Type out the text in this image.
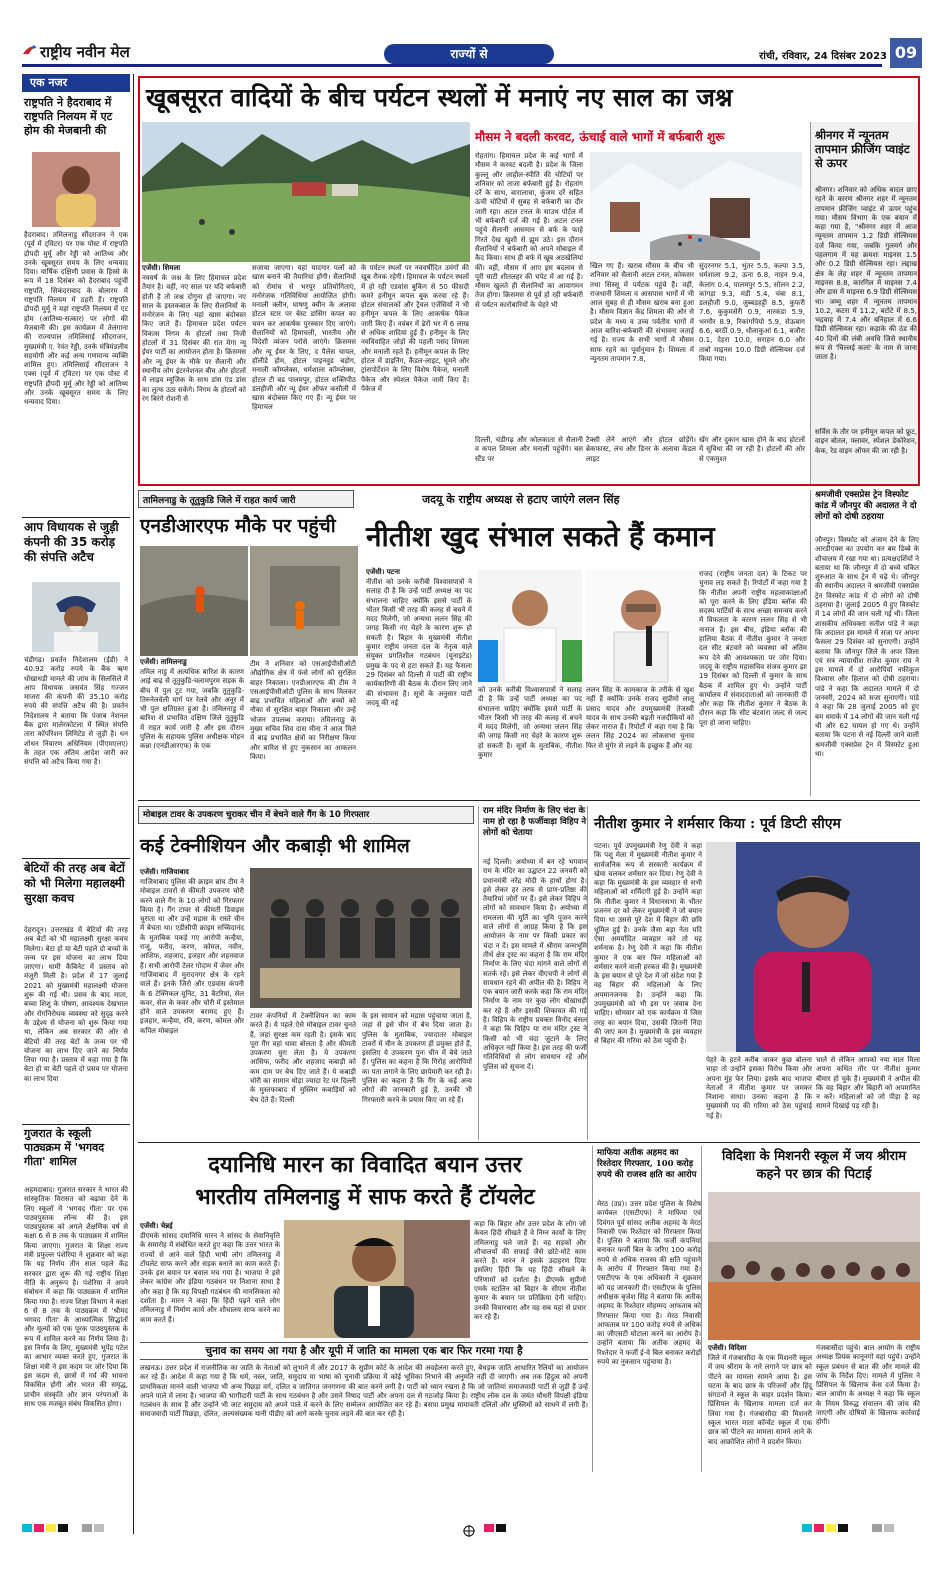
राष्ट्रीय नवीन मेल	राज्यों से	रांची, रविवार, 24 दिसंबर 2023 09
एक नजर
राष्ट्रपति ने हैदराबाद में राष्ट्रपति निलयम में एट होम की मेजबानी की
हैदराबाद। तमिलनाडु सौंदराजन ने एक (पूर्व में ट्विटर) पर एक पोस्ट में राष्ट्रपति द्रौपदी मुर्मू और रेड्डी को आतिथ्य और उनके खूबसूरत समय के लिए धन्यवाद दिया। वार्षिक दक्षिणी प्रवास के हिस्से के रूप में 18 दिसंबर को हैदराबाद पहुंचीं राष्ट्रपति, सिकंदराबाद के बोलारम में राष्ट्रपति निलयम में ठहरी हैं। राष्ट्रपति द्रौपदी मुर्मू ने यहां राष्ट्रपति निलयम में एट होम (आतिथ्य-सत्कार) पर लोगों की मेजबानी की। इस कार्यक्रम में तेलंगाना की राज्यपाल तमिलिसाई सौंदराजन, मुख्यमंत्री ए. रेवंत रेड्डी, उनके मंत्रिमंडलीय सहयोगी और कई अन्य गणमान्य व्यक्ति शामिल हुए। तमिलिसाई सौंदराजन ने एक्स (पूर्व में ट्विटर) पर एक पोस्ट में राष्ट्रपति द्रौपदी मुर्मू और रेड्डी को आतिथ्य और उनके खूबसूरत समय के लिए धन्यवाद दिया।
आप विधायक से जुड़ी कंपनी की 35 करोड़ की संपत्ति अटैच
चंडीगढ़। प्रवर्तन निदेशालय (ईडी) ने 40.92 करोड़ रुपये के बैंक ऋण धोखाधड़ी मामले की जांच के सिलसिले में आप विधायक जसवंत सिंह गज्जन माजरा की कंपनी की 35.10 करोड़ रुपये की संपत्ति अटैच की है। प्रवर्तन निदेशालय ने बताया कि पंजाब नेशनल बैंक द्वारा मालेरकोटला में स्थित संपत्ति तारा कॉर्पोरेशन लिमिटेड से जुड़ी है। धन शोधन निवारण अधिनियम (पीएमएलए) के तहत एक अंतिम आदेश जारी कर संपत्ति को अटैच किया गया है।
बेटियों की तरह अब बेटों को भी मिलेगा महालक्ष्मी सुरक्षा कवच
देहरादून। उत्तराखंड में बेटियों की तरह अब बेटों को भी महालक्ष्मी सुरक्षा कवच मिलेगा। बेटा हो या बेटी पहले दो बच्चों के जन्म पर इस योजना का लाभ दिया जाएगा। धामी कैबिनेट में प्रस्ताव को मंजूरी मिली है। प्रदेश में 17 जुलाई 2021 को मुख्यमंत्री महालक्ष्मी योजना शुरू की गई थी। प्रसव के बाद माता, बच्चा शिशु के पोषण, आवश्यक देखभाल और रोगनिरोधक व्यवस्था को सुदृढ़ करने के उद्देश्य से योजना को शुरू किया गया था, लेकिन अब सरकार की ओर से बेटियों की तरह बेटों के जन्म पर भी योजना का लाभ दिए जाने का निर्णय लिया गया है। प्रस्ताव में कहा गया है कि बेटा हो या बेटी पहले दो प्रसव पर योजना का लाभ दिया
गुजरात के स्कूली पाठ्यक्रम में 'भगवद गीता' शामिल
अहमदाबाद। गुजरात सरकार ने भारत की सांस्कृतिक विरासत को बढ़ावा देने के लिए स्कूलों में 'भगवद गीता' पर एक पाठ्यपुस्तक लॉन्च की है। इस पाठ्यपुस्तक को अगले शैक्षणिक वर्ष से कक्षा 6 से 8 तक के पाठ्यक्रम में शामिल किया जाएगा। गुजरात के शिक्षा राज्य मंत्री प्रफुल्ल पंशेरिया ने शुक्रवार को कहा कि यह निर्णय तीन साल पहले केंद्र सरकार द्वारा शुरू की गई राष्ट्रीय शिक्षा नीति के अनुरूप है। पंशेरिया ने अपने संबोधन में कहा कि पाठ्यक्रम में शामिल किया गया है। राज्य शिक्षा विभाग ने कक्षा 6 से 8 तक के पाठ्यक्रम में 'श्रीमद भगवद गीता' के आध्यात्मिक सिद्धांतों और मूल्यों को एक पूरक पाठ्यपुस्तक के रूप में शामिल करने का निर्णय लिया है। इस निर्णय के लिए, मुख्यमंत्री भूपेंद्र पटेल का आभार व्यक्त करते हुए, गुजरात के शिक्षा मंत्री ने इस कदम पर जोर दिया कि इस कदम से, छात्रों में गर्व की भावना विकसित होगी और भारत की समृद्ध, प्राचीन संस्कृति और ज्ञान परंपराओं के साथ एक मजबूत संबंध विकसित होगा।
खूबसूरत वादियों के बीच पर्यटन स्थलों में मनाएं नए साल का जश्न
एजेंसी। शिमला
नववर्ष के जश्न के लिए हिमाचल प्रदेश तैयार है। वहीं, नए साल पर यदि बर्फबारी होती है तो जश्न दोगुना हो जाएगा। नए साल के इस्तकबाल के लिए सैलानियों के मनोरंजन के लिए यहां खास बंदोबस्त किए जाते हैं। हिमाचल प्रदेश पर्यटन विकास निगम के होटलों तथा निजी होटलों में 31 दिसंबर की रात मेगा न्यू ईयर पार्टी का आयोजन होता है। क्रिसमस और न्यू ईयर के मौके पर सैलानी और स्थानीय लोग इंटरनेशनल बीच और होटलों में लाइव म्यूजिक के साथ डांस एंड डांस का लुत्फ उठा सकेंगे। निगम के होटलों को रंग बिरंगे रोशनी से
सजाया जाएगा। वहां यादगार पलों को खास बनाने की तैयारियां होंगी। सैलानियों को रोमांच से भरपूर प्रतियोगिताएं, मनोरंजक गतिविधियां आयोजित होंगी। मनाली क्लीन, घाषणु क्वीन के अलावा होटल स्टार पर बेस्ट डांसिंग कपल का चयन कर आकर्षक पुरस्कार दिए जाएंगे। सैलानियों को हिमाचली, भारतीय और विदेशी व्यंजन परोसे जाएंगे। क्रिसमस और न्यू ईयर के लिए, द पैलेस चायल, हॉलीडे होम, होटल पाइनवुड बड़ोग, मनाली कॉम्प्लेक्स, धर्मशाला कॉम्प्लेक्स, होटल टी बड पालमपुर, होटल शक्तिपीठ डलहौजी और न्यू ईयर ऑफर कसौली में खास बंदोबस्त किए गए हैं। न्यू ईयर पर हिमाचल
के पर्यटन स्थलों पर नववर्षीदित उमंगों की खूब रौनक रहेगी। हिमाचल के पर्यटन स्थलों में हो रही एडवांस बुकिंग से 50 फीसदी कमरे हनीमून कपल बुक करवा रहे हैं। होटल संचालकों और ट्रैवल एजेंसियों ने भी हनीमून कपल के लिए आकर्षक पैकेज जारी किए हैं। नवंबर में ढेरों भर में 6 लाख से अधिक शादियां हुई हैं। हनीमून के लिए नवविवाहित जोड़ों की पहली पसंद शिमला और मनाली रहते हैं। हनीमून कपल के लिए होटल में डाइनिंग, कैंडल-लाइट, घूमने और ट्रांसपोर्टेशन के लिए विशेष पैकेज, मनाली पैकेज और स्पेशल पैकेज जारी किए हैं। पैकेज में
मौसम ने बदली करवट, ऊंचाई वाले भागों में बर्फबारी शुरू
रोहतांग। हिमाचल प्रदेश के कई भागों में मौसम ने करवट बदली है। प्रदेश के जिला कुल्लू और लाहौल-स्पीति की चोटियों पर शनिवार को ताजा बर्फबारी हुई है। रोहतांग दर्रे के साथ, बारालाचा, कुंजम दर्रे सहित ऊंची चोटियों में सुबह से बर्फबारी का दौर जारी रहा। अटल टनल के साउथ पोर्टल में भी बर्फबारी दर्ज की गई है। अटल टनल पहुंचे सैलानी आसमान से बर्फ के फाहे गिरते देख खुशी से झूम उठे। इस दौरान सैलानियों ने बर्फबारी को अपने मोबाइल में कैद किया। साथ ही बर्फ में खूब अठखेलियां कीं। वहीं, मौसम में आए इस बदलाव से पूरी घाटी शीतलहर की चपेट में आ गई है। मौसम खुलते ही सैलानियों का आवागमन तेज होगा। क्रिसमस से पूर्व हो रही बर्फबारी से पर्यटन कारोबारियों के चेहरे भी
टैक्सी लेने आएंगे और होटल छोड़ेंगे। ब्रेकफास्ट, लंच और डिनर के अलावा केंडल लाइट
दिल्ली, चंडीगढ़ और कोलकाता से सैलानी व कपल शिमला और मनाली पहुंचेंगे। बस स्टैंड पर
खिल गए हैं। खराब मौसम के बीच भी शनिवार को सैलानी अटल टनल, कोकसर तथा सिस्सू में पर्यटक पहुंचे हैं। वहीं, राजधानी शिमला व आसपास भागों में भी आज सुबह से ही मौसम खराब बना हुआ है। मौसम विज्ञान केंद्र शिमला की ओर से प्रदेश के मध्य व उच्च पर्वतीय भागों में आज बारिश-बर्फबारी की संभावना जताई गई है। राज्य के सभी भागों में मौसम साफ रहने का पूर्वानुमान है। शिमला में न्यूनतम तापमान 7.8,
सुंदरनगर 5.1, भुंतर 5.5, कल्पा 3.5, धर्मशाला 9.2, ऊना 6.8, नाहन 9.4, केलांग 0.4, पालमपुर 5.5, सोलन 2.2, कांगड़ा 9.3, मंडी 5.4, चंबा 8.1, डलहौजी 9.0, जुब्बड़हट्टी 8.5, कुफरी 7.6, कुकुमसेरी 0.9, नारकंडा 5.9, भरमौर 8.9, रिकांगपियो 5.9, सेऊबाग 6.6, बरठीं 0.9, धौलाकुआं 6.1, बजौरा 0.1, देहरा 10.0, सराहन 6.0 और ताबो माइनस 10.0 डिग्री सेल्सियस दर्ज किया गया।
खेंग और दुकान खास होने के बाद होटलों में सुविधा की जा रही है। होटलों की ओर से एकमुश्त
श्रीनगर में न्यूनतम तापमान फ्रीजिंग प्वाइंट से ऊपर
श्रीनगर। शनिवार को अधिक बादल छाए रहने के कारण श्रीनगर शहर में न्यूनतम तापमान फ्रीजिंग प्वाइंट से ऊपर पहुंच गया। मौसम विभाग के एक बयान में कहा गया है, "श्रीनगर शहर में आज न्यूनतम तापमान 1.2 डिग्री सेल्सियस दर्ज किया गया, जबकि गुलमर्ग और पहलगाम में यह क्रमशः माइनस 1.5 और 0.2 डिग्री सेल्सियस रहा। लद्दाख क्षेत्र के लेह शहर में न्यूनतम तापमान माइनस 8.8, कारगिल में माइनस 7.4 और द्रास में माइनस 6.9 डिग्री सेल्सियस था। जम्मू शहर में न्यूनतम तापमान 10.2, कटरा में 11.2, बटोटे में 8.5, भद्रवाह में 7.4 और बनिहाल में 6.6 डिग्री सेल्सियस रहा। कड़ाके की ठंड की 40 दिनों की लंबी अवधि जिसे स्थानीय रूप से 'चिल्लई कलां' के नाम से जाना जाता है।
सर्विस के तौर पर हनीमून कपल को फ्रूट, वाइन बोतल, फ्लावर, स्पेशल डेकोरेशन, केक, रेड वाइन ऑफर की जा रही है।
तामिलनाडु के तूतुकुडि जिले में राहत कार्य जारी
एनडीआरएफ मौके पर पहुंची
एजेंसी। तामिलनाडु
तमिल नाडु में अत्यधिक बारिश के कारण आई बाढ़ से तूतुकुडि-चलामपुरम सड़क के बीच में पुल टूट गया, जबकि तूतुकुडि-तिरुनेलवेली मार्ग पर रेलवे और अनूर में भी पुल क्षतिग्रस्त हुआ है। तमिलनाडु में बारिश से प्रभावित दक्षिण जिले तूतुकुडि में राहत कार्य जारी है और इस दौरान पुलिस के सहायक पुलिस अधीक्षक मोहन कन्ना (एनडीआरएफ) के एक
टीम ने शनिवार को एसआईपीसीओटी औद्योगिक क्षेत्र में फंसे लोगों को सुरक्षित बाहर निकाला। एनडीआरएफ की टीम ने एसआईपीसीओटी पुलिस के साथ मिलकर बाढ़ प्रभावित महिलाओं और बच्चों को नौका से सुरक्षित बाहर निकाला और उन्हें भोजन उपलब्ध कराया। तमिलनाडु के मुख्य सचिव शिव दास मीना ने आज मिले में बाढ़ प्रभावित क्षेत्रों का निरीक्षण किया और बारिश से हुए नुकसान का आकलन किया।
जदयू के राष्ट्रीय अध्यक्ष से हटाए जाएंगे ललन सिंह
नीतीश खुद संभाल सकते हैं कमान
एजेंसी। पटना
नीतीश को उनके करीबी विश्वासपात्रों ने सलाह दी है कि उन्हें पार्टी अध्यक्ष का पद संभालना चाहिए क्योंकि इससे पार्टी के भीतर किसी भी तरह की कलह से बचने में मदद मिलेगी, जो अन्यथा ललन सिंह की जगह किसी नए चेहरे के कारण शुरू हो सकती है। बिहार के मुख्यमंत्री नीतीश कुमार राष्ट्रीय जनता दल के नेतृत्व वाले संयुक्त प्रगतिशील गठबंधन (यूनाइटेड) प्रमुख के पद से हटा सकते हैं। यह फैसला 29 दिसंबर को दिल्ली में पार्टी की राष्ट्रीय कार्यकारिणी की बैठक के दौरान लिए जाने की संभावना है। सूत्रों के अनुसार पार्टी जदयू की नई
को उनके करीबी विश्वासपात्रों ने सलाह दी है कि उन्हें पार्टी अध्यक्ष का पद संभालना चाहिए क्योंकि इससे पार्टी के भीतर किसी भी तरह की कलह से बचने में मदद मिलेगी, जो अन्यथा ललन सिंह की जगह किसी नए चेहरे के कारण शुरू हो सकती है। सूत्रों के मुताबिक, नीतीश कुमार
ललन सिंह के कामकाज के तरीके से खुश नहीं हैं क्योंकि उनके राजद सुप्रीमो लालू प्रसाद यादव और उपमुख्यमंत्री तेजस्वी यादव के साथ उनकी बढ़ती नजदीकियों को लेकर नाराज हैं। रिपोर्टों में कहा गया है कि ललन सिंह 2024 का लोकसभा चुनाव फिर से मुंगेर से लड़ने के इच्छुक हैं और वह
राजद (राष्ट्रीय जनता दल) के टिकट पर चुनाव लड़ सकते हैं। रिपोर्टों में कहा गया है कि नीतीश अपनी राष्ट्रीय महत्वाकांक्षाओं को पूरा करने के लिए इंडिया ब्लॉक की सदस्य पार्टियों के साथ अच्छा समन्वय करने में विफलता के कारण ललन सिंह से भी नाराज हैं। इस बीच, इंडिया ब्लॉक की हालिया बैठक में नीतीश कुमार ने जनता दल सीट बंटवारे को व्यवस्था को अंतिम रूप देने की आवश्यकता पर जोर दिया। जदयू के राष्ट्रीय महासचिव संजय कुमार झा 19 दिसंबर को दिल्ली में कुमार के साथ बैठक में शामिल हुए थे। उन्होंने पार्टी कार्यालय में संवाददाताओं को जानकारी दी और कहा कि नीतीश कुमार ने बैठक के दौरान कहा कि सीट बंटवारा जल्द से जल्द पूरा हो जाना चाहिए।
श्रमजीवी एक्सप्रेस ट्रेन विस्फोट कांड में जौनपुर की अदालत ने दो लोगों को दोषी ठहराया
जौनपुर। विस्फोट को अंजाम देने के लिए आरडीएक्स का उपयोग कर बम डिब्बे के शौचालय में रखा गया था। प्रत्यक्षदर्शियों ने बताया था कि जौनपुर में दो बच्चे चकित शुरुआत के साथ ट्रेन में चढ़े थे। जौनपुर की स्थानीय अदालत ने श्रमजीवी एक्सप्रेस ट्रेन विस्फोट कांड में दो लोगों को दोषी ठहराया है। जुलाई 2005 में हुए विस्फोट में 14 लोगों की जान चली गई थी। जिला शासकीय अधिवक्ता सतीश पांडे ने कहा कि अदालत इस मामले में सजा पर अपना फैसला 29 दिसंबर को सुनाएगी। उन्होंने बताया कि जौनपुर जिले के अपर जिला एवं सत्र न्यायाधीश राजेश कुमार राय ने इस मामले में दो आरोपियों नफीकुल विश्वास और हिलाल को दोषी ठहराया। पांडे ने कहा कि अदालत मामले में दो जनवरी, 2024 को सजा सुनाएगी। पांडे ने कहा कि 28 जुलाई 2005 को हुए बम धमाके में 14 लोगों की जान चली गई थी और 62 घायल हो गए थे। उन्होंने बताया कि पटना से नई दिल्ली जाने वाली श्रमजीवी एक्सप्रेस ट्रेन में विस्फोट हुआ था।
मोबाइल टावर के उपकरण चुराकर चीन में बेचने वाले गैंग के 10 गिरफ्तार
कई टेक्नीशियन और कबाड़ी भी शामिल
एजेंसी। गाजियाबाद
गाजियाबाद पुलिस की क्राइम ब्रांच टीम ने मोबाइल टावरों से कीमती उपकरण चोरी करने वाले गैंग के 10 लोगों को गिरफ्तार किया है। गैंग टावर से कीमती डिवाइस चुराता था और उन्हें मद्रास के रास्ते चीन में बेचता था। एडीसीपी क्राइम सच्चिदानंद के मुताबिक पकड़े गए आरोपी कन्हैया, राजू, फरीद, करण, कोमल, नवीन, आशिफ, शहजाद, इजहार और शहनवाज हैं। सभी आरोपी टेलर गोदाम में जेवर और गाजियाबाद में मुरादनगर क्षेत्र के रहने वाले हैं। इनके जिरो और एडवांस कंपनी के 6 टेक्निकल यूनिट, 31 बैटरियां, सेल कवर, सेल के कवर और चोरी में इस्तेमाल होने वाले उपकरण बरामद हुए हैं। इजहार, कन्हैया, रवि, करण, कोमल और कपिल मोबाइल
टावर कंपनियों में टेक्नीशियन का काम करते हैं। ये पहले ऐसे मोबाइल टावर चुनते हैं, जहां सुरक्षा कम रहती है। इसके बाद पूरा गैंग वहां धावा बोलता है और कीमती उपकरण चुरा लेता है। ये उपकरण आसिफ, फरीद और शहजाद कबाड़ी को कम दाम पर बेच दिए जाते हैं। ये कबाड़ी चोरी का सामान थोड़ा ज्यादा रेट पर दिल्ली के मुस्तफाबाद में मुस्लिम कबाड़ियों को बेच देते हैं। दिल्ली
के इस सामान को मद्रास पहुंचाया जाता है, जहां से इसे चीन में बेच दिया जाता है। पुलिस के मुताबिक, ज्यादातर मोबाइल टावरों में चीन के उपकरण ही प्रयुक्त होते हैं, इसलिए ये उपकरण पुनः चीन में बेचे जाते हैं। पुलिस का कहना है कि गिरोह आरोपियों का पता लगाने के लिए छापेमारी कर रही है। पुलिस का कहना है कि गैंग के कई अन्य लोगों की जानकारी हुई है, उनकी भी गिरफ्तारी करने के प्रयास किए जा रहे हैं।
राम मंदिर निर्माण के लिए चंदा के नाम हो रहा है फर्जीवाड़ा विहिप ने लोगों को चेताया
नई दिल्ली। अयोध्या में बन रहे भगवान राम के मंदिर का उद्घाटन 22 जनवरी को प्रधानमंत्री नरेंद्र मोदी के हाथों होगा है। इसे लेकर हर तरफ से प्राण-प्रतिष्ठा की तैयारियां जोरों पर हैं। इसे लेकर विहिप ने लोगों को सावधान किया है। अयोध्या में रामलला की मूर्ति का भूमि पूजन करने वाले लोगों से आग्रह किया है कि इस आयोजन के नाम पर किसी प्रकार का चंदा न दें। इस मामले में श्रीराम जन्मभूमि तीर्थ क्षेत्र ट्रस्ट का कहना है कि राम मंदिर निर्माण के लिए चंदा मांगने वाले लोगों से सतर्क रहें। इसे लेकर वीएचपी ने लोगों से सावधान रहने की अपील की है। विहिप ने एक बयान जारी करके कहा कि राम मंदिर निर्माण के नाम पर कुछ लोग धोखाधड़ी कर रहे हैं और इसकी शिकायत की गई है। विहिप के राष्ट्रीय प्रवक्ता विनोद बंसल ने कहा कि विहिप या राम मंदिर ट्रस्ट ने किसी को भी चंदा जुटाने के लिए अधिकृत नहीं किया है। इस तरह की फर्जी गतिविधियों से लोग सावधान रहें और पुलिस को सूचना दें।
नीतीश कुमार ने शर्मसार किया : पूर्व डिप्टी सीएम
पटना। पूर्व उपमुख्यमंत्री रेणु देवी ने कहा कि पशु मेला में मुख्यमंत्री नीतीश कुमार ने सार्वजनिक रूप से सरकारी कार्यक्रम में खेमा चलकर शर्मसार कर दिया। रेणु देवी ने कहा कि मुख्यमंत्री के इस व्यवहार से सभी महिलाओं को शर्मिंदगी हुई है। उन्होंने कहा कि नीतीश कुमार ने विधानसभा के भीतर प्रजनन दर को लेकर मुख्यमंत्री ने जो बयान दिया था उससे पूरे देश में बिहार की छवि धूमिल हुई है। उनके जैसा बड़ा नेता यदि ऐसा अमर्यादित व्यवहार करे तो यह शर्मनाक है। रेणु देवी ने कहा कि नीतीश कुमार ने एक बार फिर महिलाओं को शर्मसार करने वाली हरकत की है। मुख्यमंत्री के इस बयान से पूरे देश में जो संदेश गया है वह बिहार की महिलाओं के लिए अपमानजनक है। उन्होंने कहा कि उपमुख्यमंत्री को भी इस पर जवाब देना चाहिए। सोमवार को एक कार्यक्रम में जिस तरह का बयान दिया, उसकी जितनी निंदा की जाए कम है। मुख्यमंत्री के इस व्यवहार से बिहार की गरिमा को ठेस पहुंची है।
पेहरे के हटने करीब जाकर कुछ बोलना चाहा तो उन्होंने इसका विरोध किया और अपना मुंह फेर लिया। इसके बाद भाजपा नेताओं ने नीतीश कुमार पर जमकर निशाना साधा। उनका कहना है कि मुख्यमंत्री पद की गरिमा को ठेस पहुंचाई गई है।
चाले से लेकिन आपको नया माल मिला अपना कथित तौर पर नीतीश कुमार बीमार हो चुके हैं। मुख्यमंत्री ने अपील की कि वह बिहार और बिहारी को अपमानित न करें। महिलाओं को जो पीड़ा है वह सामने दिखाई पड़ रही है।
दयानिधि मारन का विवादित बयान उत्तर
भारतीय तमिलनाडु में साफ करते हैं टॉयलेट
एजेंसी। चेन्नई
डीएमके सांसद दयानिधि मारन ने सांसद के सेवानिवृत्ति के समारोह में संबोधित करते हुए कहा कि उत्तर भारत के राज्यों से आने वाले हिंदी भाषी लोग तमिलनाडु में टॉयलेट साफ करने और सड़क बनाने का काम करते हैं। उनके इस बयान पर बवाल मच गया है। भाजपा ने इसे लेकर कांग्रेस और इंडिया गठबंधन पर निशाना साधा है और कहा है कि यह विपक्षी गठबंधन की मानसिकता को दर्शाता है। मारन ने कहा कि हिंदी पढ़ने वाले लोग तमिलनाडु में निर्माण कार्य और शौचालय साफ करने का काम करते हैं।
कहा कि बिहार और उत्तर प्रदेश के लोग जो केवल हिंदी सीखते हैं वे निम्न कार्यों के लिए तमिलनाडु चले जाते हैं। वह सड़कों और शौचालयों की सफाई जैसे छोटे-मोटे काम करते हैं। मारन ने इसके उदाहरण दिया इसलिए हिंदी कि यह हिंदी सीखने के परिणामों को दर्शाता है। डीएमके सुप्रीमो एमके स्टालिन को बिहार के सीएम नीतीश कुमार के बयान पर प्रतिक्रिया देनी चाहिए। उनकी विचारधारा और वह सब यहां से प्रचार कर रहे हैं।
चुनाव का समय आ गया है और यूपी में जाति का मामला एक बार फिर गरमा गया है
लखनऊ। उत्तर प्रदेश में राजनीतिक का जाति के नेताओं को लुभाने में और 2017 के सुप्रीम कोर्ट के आदेश की अवहेलना करते हुए, बेधड़क जाति आधारित रैलियों का आयोजन कर रहे हैं। आदेश में कहा गया है कि धर्म, नस्ल, जाति, समुदाय या भाषा को चुनावी प्रक्रिया में कोई भूमिका निभाने की अनुमति नहीं दी जाएगी। अब तक हिंदुत्व को अपनी प्राथमिकता मानने वाली भाजपा भी अन्य पिछड़ा वर्ग, दलित व जातिगत जनगणना की बात करने लगी है। पार्टी को ध्यान रखना है कि जो जातियां समाजवादी पार्टी से जुड़ी हैं उन्हें अपने पाले में लाना है। भाजपा की भागीदारी पार्टी के साथ गठबंधन है और उसने निषाद पार्टी और अपना दल से गठजोड़ किया है। राष्ट्रीय लोक दल के जयंत चौधरी विपक्षी इंडिया गठबंधन के साथ हैं और उन्होंने भी जाट समुदाय को अपने पाले में करने के लिए सम्मेलन आयोजित कर रहे हैं। बसपा प्रमुख मायावती दलितों और मुस्लिमों को साधने में लगी हैं। समाजवादी पार्टी पिछड़ा, दलित, अल्पसंख्यक यानी पीडीए को आगे करके चुनाव लड़ने की बात कर रही है।
माफिया अतीक अहमद का रिश्तेदार गिरफ्तार, 100 करोड़ रुपये की राजस्व क्षति का आरोप
मेरठ (उप्र)। उत्तर प्रदेश पुलिस के विशेष कार्यबल (एसटीएफ) ने माफिया एवं दिवंगत पूर्व सांसद अतीक अहमद के मेरठ निवासी एक रिश्तेदार को गिरफ्तार किया है। पुलिस ने बताया कि फर्जी कंपनियां बनाकर फर्जी बिल के जरिए 100 करोड़ रुपये से अधिक राजस्व की क्षति पहुंचाने के आरोप में गिरफ्तार किया गया है। एसटीएफ के एक अधिकारी ने शुक्रवार को यह जानकारी दी। एसटीएफ के पुलिस अधीक्षक बृजेश सिंह ने बताया कि अतीक अहमद के रिश्तेदार मोहम्मद आफताब को गिरफ्तार किया गया है। मेरठ निवासी आफताब पर 100 करोड़ रुपये से अधिक का जीएसटी घोटाला करने का आरोप है। उन्होंने बताया कि अतीक अहमद के रिश्तेदार ने फर्जी ई-वे बिल बनाकर करोड़ों रुपये का नुकसान पहुंचाया है।
विदिशा के मिशनरी स्कूल में जय श्रीराम कहने पर छात्र की पिटाई
एजेंसी। विदिशा
जिले में गंजबासौदा के एक मिशनरी स्कूल में जय श्रीराम के नारे लगाने पर छात्र को पीटने का मामला सामने आया है। इस घटना के बाद छात्र के परिजनों और हिंदू संगठनों ने स्कूल के बाहर प्रदर्शन किया। प्रिंसिपल के खिलाफ मामला दर्ज कर लिया गया है। गंजबासौदा की मिशनरी स्कूल भारत माता कॉन्वेंट स्कूल में एक छात्र को पीटने का मामला सामने आने के बाद आक्रोशित लोगों ने प्रदर्शन किया।
गंजबासौदा पहुंचे। बाल आयोग के राष्ट्रीय अध्यक्ष प्रियंक कानूनगो यहां पहुंचे। उन्होंने स्कूल प्रबंधन से बात की और मामले की जांच के निर्देश दिए। मामले में पुलिस ने प्रिंसिपल के खिलाफ केस दर्ज किया है। बाल आयोग के अध्यक्ष ने कहा कि स्कूल के नियम विरुद्ध संचालन की जांच की जाएगी और दोषियों के खिलाफ कार्रवाई होगी।
